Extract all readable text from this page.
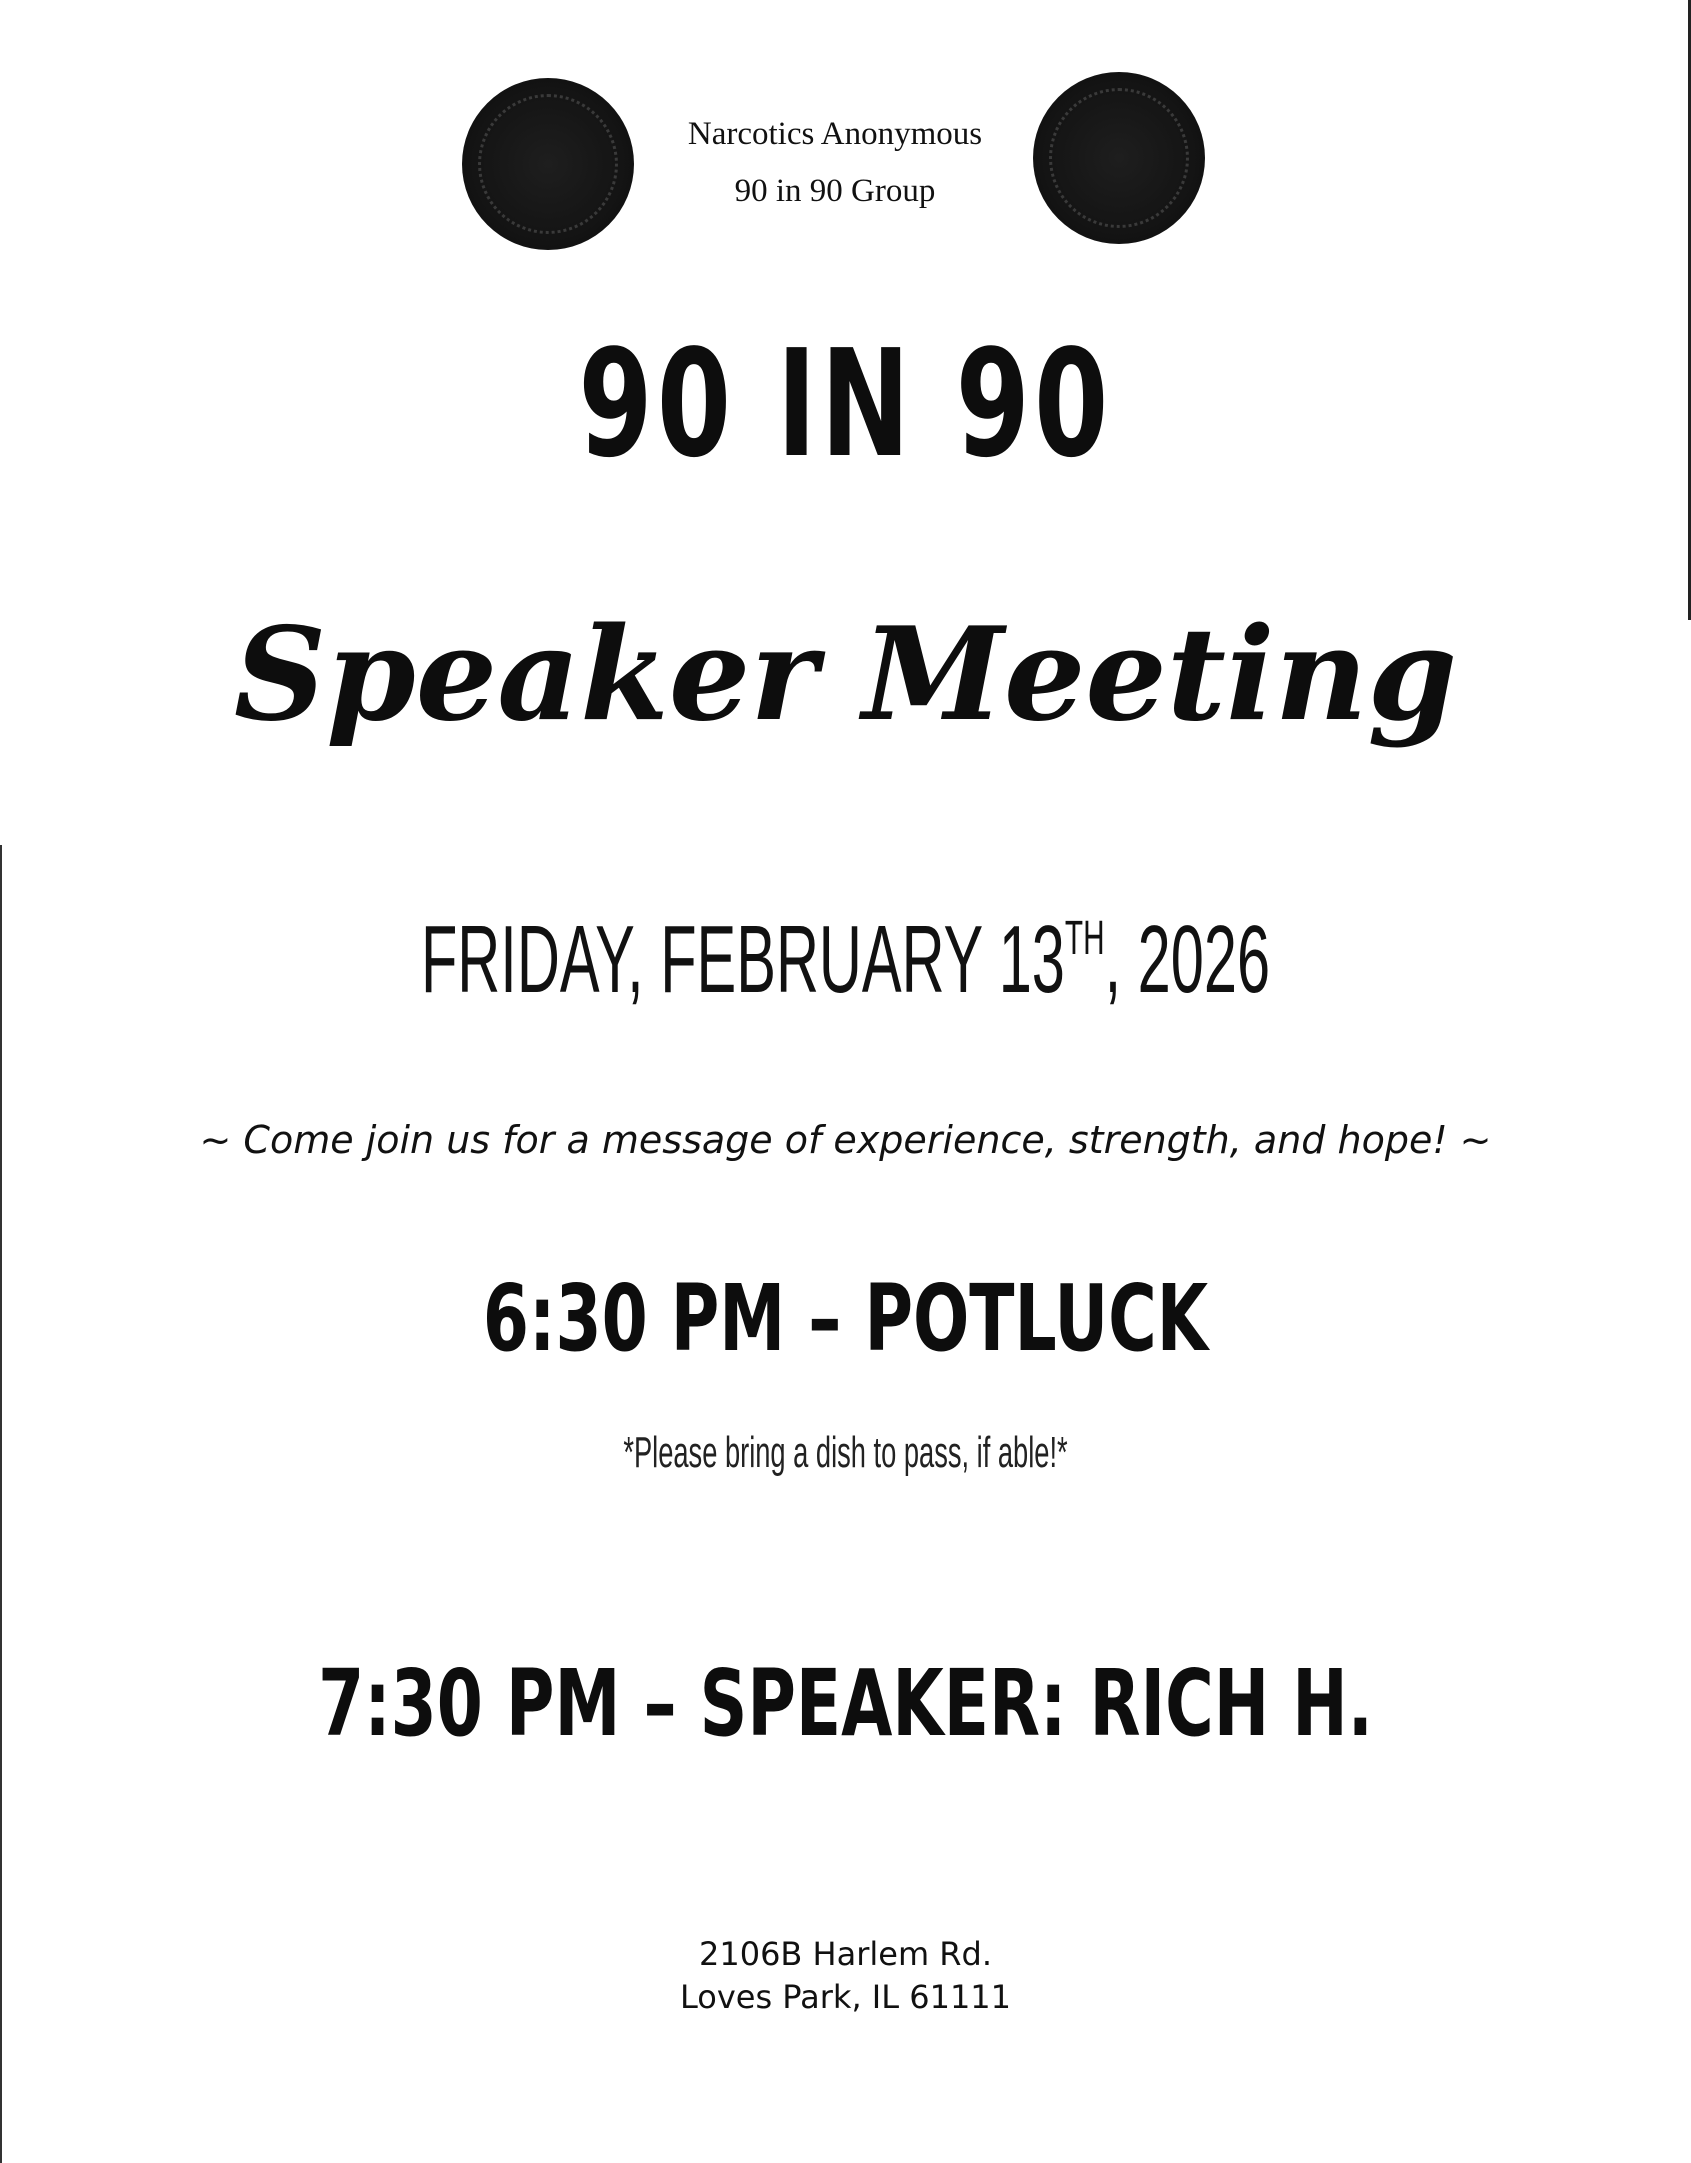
Narcotics Anonymous
90 in 90 Group
90 IN 90
Speaker Meeting
FRIDAY, FEBRUARY 13TH, 2026
~ Come join us for a message of experience, strength, and hope! ~
6:30 PM – POTLUCK
*Please bring a dish to pass, if able!*
7:30 PM – SPEAKER: RICH H.
2106B Harlem Rd.
Loves Park, IL 61111
